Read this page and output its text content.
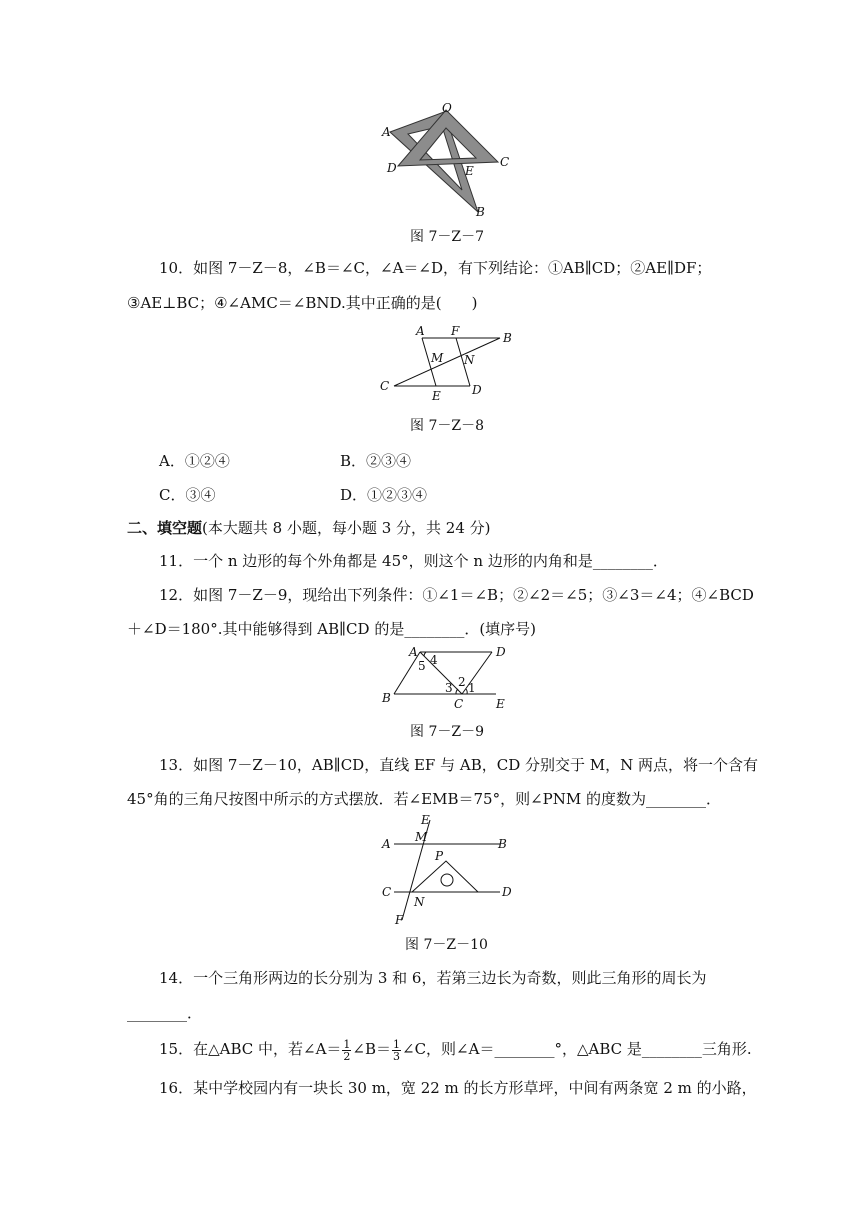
O
A
D	E
C
B
图 7－Z－7
10．如图 7－Z－8，∠B＝∠C，∠A＝∠D，有下列结论：①AB∥CD；②AE∥DF；
③AE⊥BC；④∠AMC＝∠BND.其中正确的是(　　)
A F	B
M N
C
E	D
图 7－Z－8
A．①②④	B．②③④
C．③④	D．①②③④
二、填空题(本大题共 8 小题，每小题 3 分，共 24 分)
11．一个 n 边形的每个外角都是 45°，则这个 n 边形的内角和是________．
12．如图 7－Z－9，现给出下列条件：①∠1＝∠B；②∠2＝∠5；③∠3＝∠4；④∠BCD
＋∠D＝180°.其中能够得到 AB∥CD 的是________．(填序号)
A	D
B	C	E
5 4
2
3 1
图 7－Z－9
13．如图 7－Z－10，AB∥CD，直线 EF 与 AB，CD 分别交于 M，N 两点，将一个含有
45°角的三角尺按图中所示的方式摆放．若∠EMB＝75°，则∠PNM 的度数为________．
E
M
A	B
P
C
N
D
F
图 7－Z－10
14．一个三角形两边的长分别为 3 和 6，若第三边长为奇数，则此三角形的周长为
________．
15．在△ABC 中，若∠A＝ $\frac{1}{2}$ ∠B＝ $\frac{1}{3}$ ∠C，则∠A＝________°，△ABC 是________三角形.
16．某中学校园内有一块长 30 m，宽 22 m 的长方形草坪，中间有两条宽 2 m 的小路，
